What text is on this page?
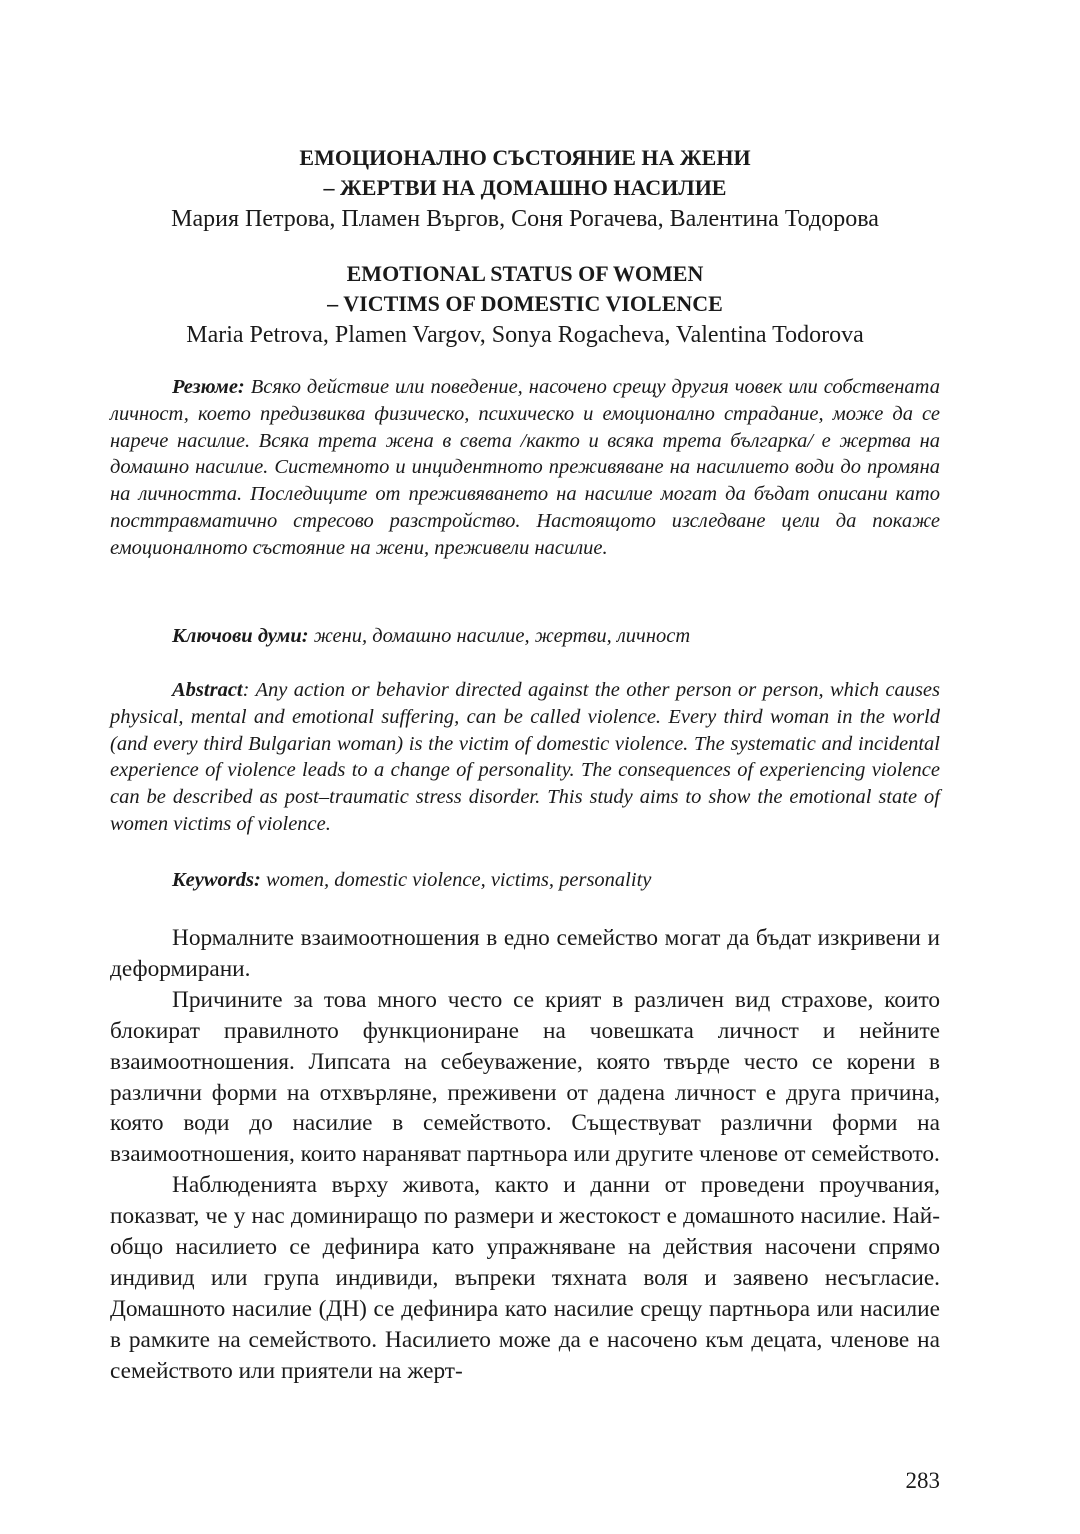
ЕМОЦИОНАЛНО СЪСТОЯНИЕ НА ЖЕНИ

– ЖЕРТВИ НА ДОМАШНО НАСИЛИЕ

Мария Петрова, Пламен Въргов, Соня Рогачева, Валентина Тодорова

EMOTIONAL STATUS OF WOMEN

– VICTIMS OF DOMESTIC VIOLENCE

Maria Petrova, Plamen Vargov, Sonya Rogacheva, Valentina Todorova

Резюме: Всяко действие или поведение, насочено срещу другия човек или собствената личност, което предизвиква физическо, психическо и емоционално страдание, може да се нарече насилие. Всяка трета жена в света /както и всяка трета българка/ е жертва на домашно насилие. Системното и инцидентното преживяване на насилието води до промяна на личността. Последиците от преживяването на насилие могат да бъдат описани като посттравматично стресово разстройство. Настоящото изследване цели да покаже емоционалното състояние на жени, преживели насилие.

Ключови думи: жени, домашно насилие, жертви, личност

Abstract: Any action or behavior directed against the other person or person, which causes physical, mental and emotional suffering, can be called violence. Every third woman in the world (and every third Bulgarian woman) is the victim of domestic violence. The systematic and incidental experience of violence leads to a change of personality. The consequences of experiencing violence can be described as post–traumatic stress disorder. This study aims to show the emotional state of women victims of violence.

Keywords: women, domestic violence, victims, personality

Нормалните взаимоотношения в едно семейство могат да бъдат изкривени и деформирани.

Причините за това много често се крият в различен вид страхове, които блокират правилното функциониране на човешката личност и нейните взаимоотношения. Липсата на себеуважение, която твърде често се корени в различни форми на отхвърляне, преживени от дадена личност е друга причина, която води до насилие в семейството. Съществуват различни форми на взаимоотношения, които нараняват партньора или другите членове от семейството.

Наблюденията върху живота, както и данни от проведени проучвания, показват, че у нас доминиращо по размери и жестокост е домашното насилие. Най-общо насилието се дефинира като упражняване на действия насочени спрямо индивид или група индивиди, въпреки тяхната воля и заявено несъгласие. Домашното насилие (ДН) се дефинира като насилие срещу партньора или насилие в рамките на семейството. Насилието може да е насочено към децата, членове на семейството или приятели на жерт-

283
